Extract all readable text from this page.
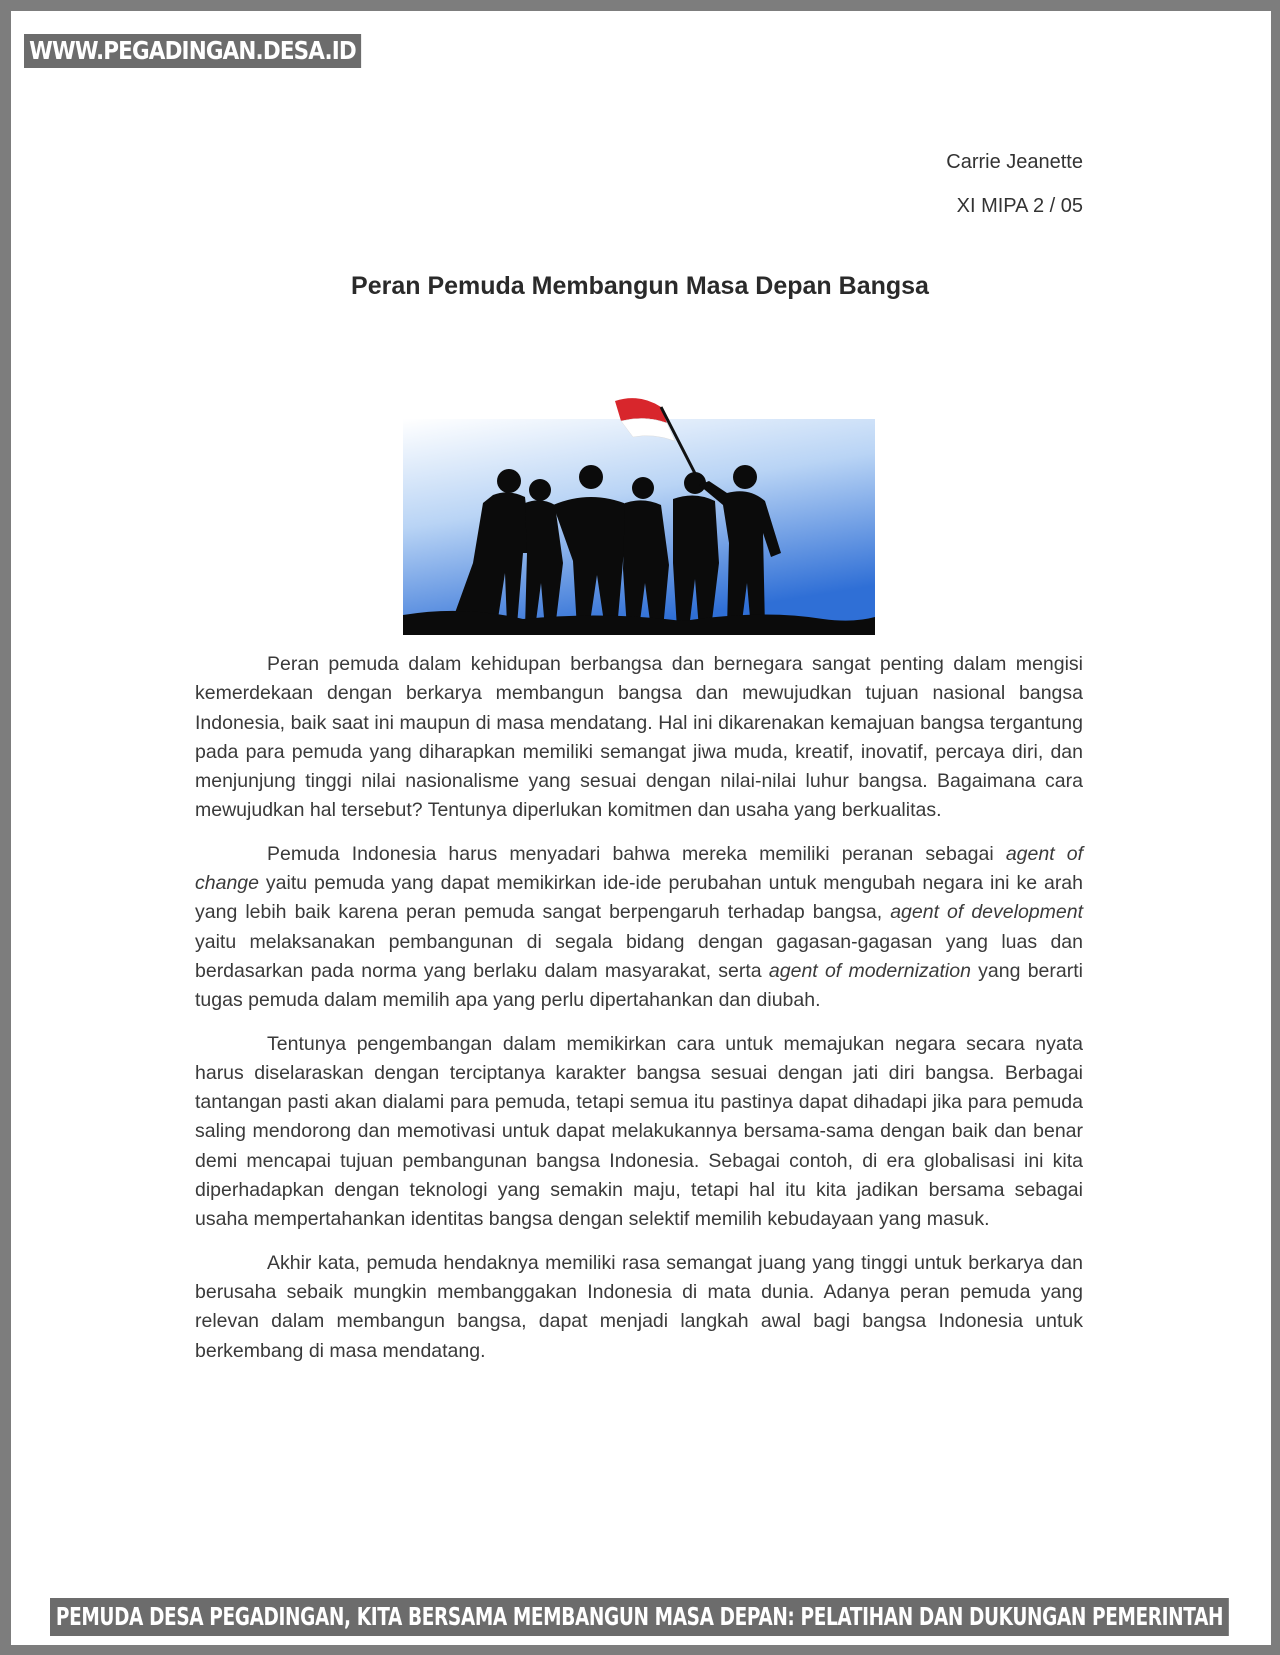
WWW.PEGADINGAN.DESA.ID
Carrie Jeanette
XI MIPA 2 / 05
Peran Pemuda Membangun Masa Depan Bangsa

Peran pemuda dalam kehidupan berbangsa dan bernegara sangat penting dalam mengisi kemerdekaan dengan berkarya membangun bangsa dan mewujudkan tujuan nasional bangsa Indonesia, baik saat ini maupun di masa mendatang. Hal ini dikarenakan kemajuan bangsa tergantung pada para pemuda yang diharapkan memiliki semangat jiwa muda, kreatif, inovatif, percaya diri, dan menjunjung tinggi nilai nasionalisme yang sesuai dengan nilai-nilai luhur bangsa. Bagaimana cara mewujudkan hal tersebut? Tentunya diperlukan komitmen dan usaha yang berkualitas.

Pemuda Indonesia harus menyadari bahwa mereka memiliki peranan sebagai agent of change yaitu pemuda yang dapat memikirkan ide-ide perubahan untuk mengubah negara ini ke arah yang lebih baik karena peran pemuda sangat berpengaruh terhadap bangsa, agent of development yaitu melaksanakan pembangunan di segala bidang dengan gagasan-gagasan yang luas dan berdasarkan pada norma yang berlaku dalam masyarakat, serta agent of modernization yang berarti tugas pemuda dalam memilih apa yang perlu dipertahankan dan diubah.

Tentunya pengembangan dalam memikirkan cara untuk memajukan negara secara nyata harus diselaraskan dengan terciptanya karakter bangsa sesuai dengan jati diri bangsa. Berbagai tantangan pasti akan dialami para pemuda, tetapi semua itu pastinya dapat dihadapi jika para pemuda saling mendorong dan memotivasi untuk dapat melakukannya bersama-sama dengan baik dan benar demi mencapai tujuan pembangunan bangsa Indonesia. Sebagai contoh, di era globalisasi ini kita diperhadapkan dengan teknologi yang semakin maju, tetapi hal itu kita jadikan bersama sebagai usaha mempertahankan identitas bangsa dengan selektif memilih kebudayaan yang masuk.

Akhir kata, pemuda hendaknya memiliki rasa semangat juang yang tinggi untuk berkarya dan berusaha sebaik mungkin membanggakan Indonesia di mata dunia. Adanya peran pemuda yang relevan dalam membangun bangsa, dapat menjadi langkah awal bagi bangsa Indonesia untuk berkembang di masa mendatang.

PEMUDA DESA PEGADINGAN, KITA BERSAMA MEMBANGUN MASA DEPAN: PELATIHAN DAN DUKUNGAN PEMERINTAH
